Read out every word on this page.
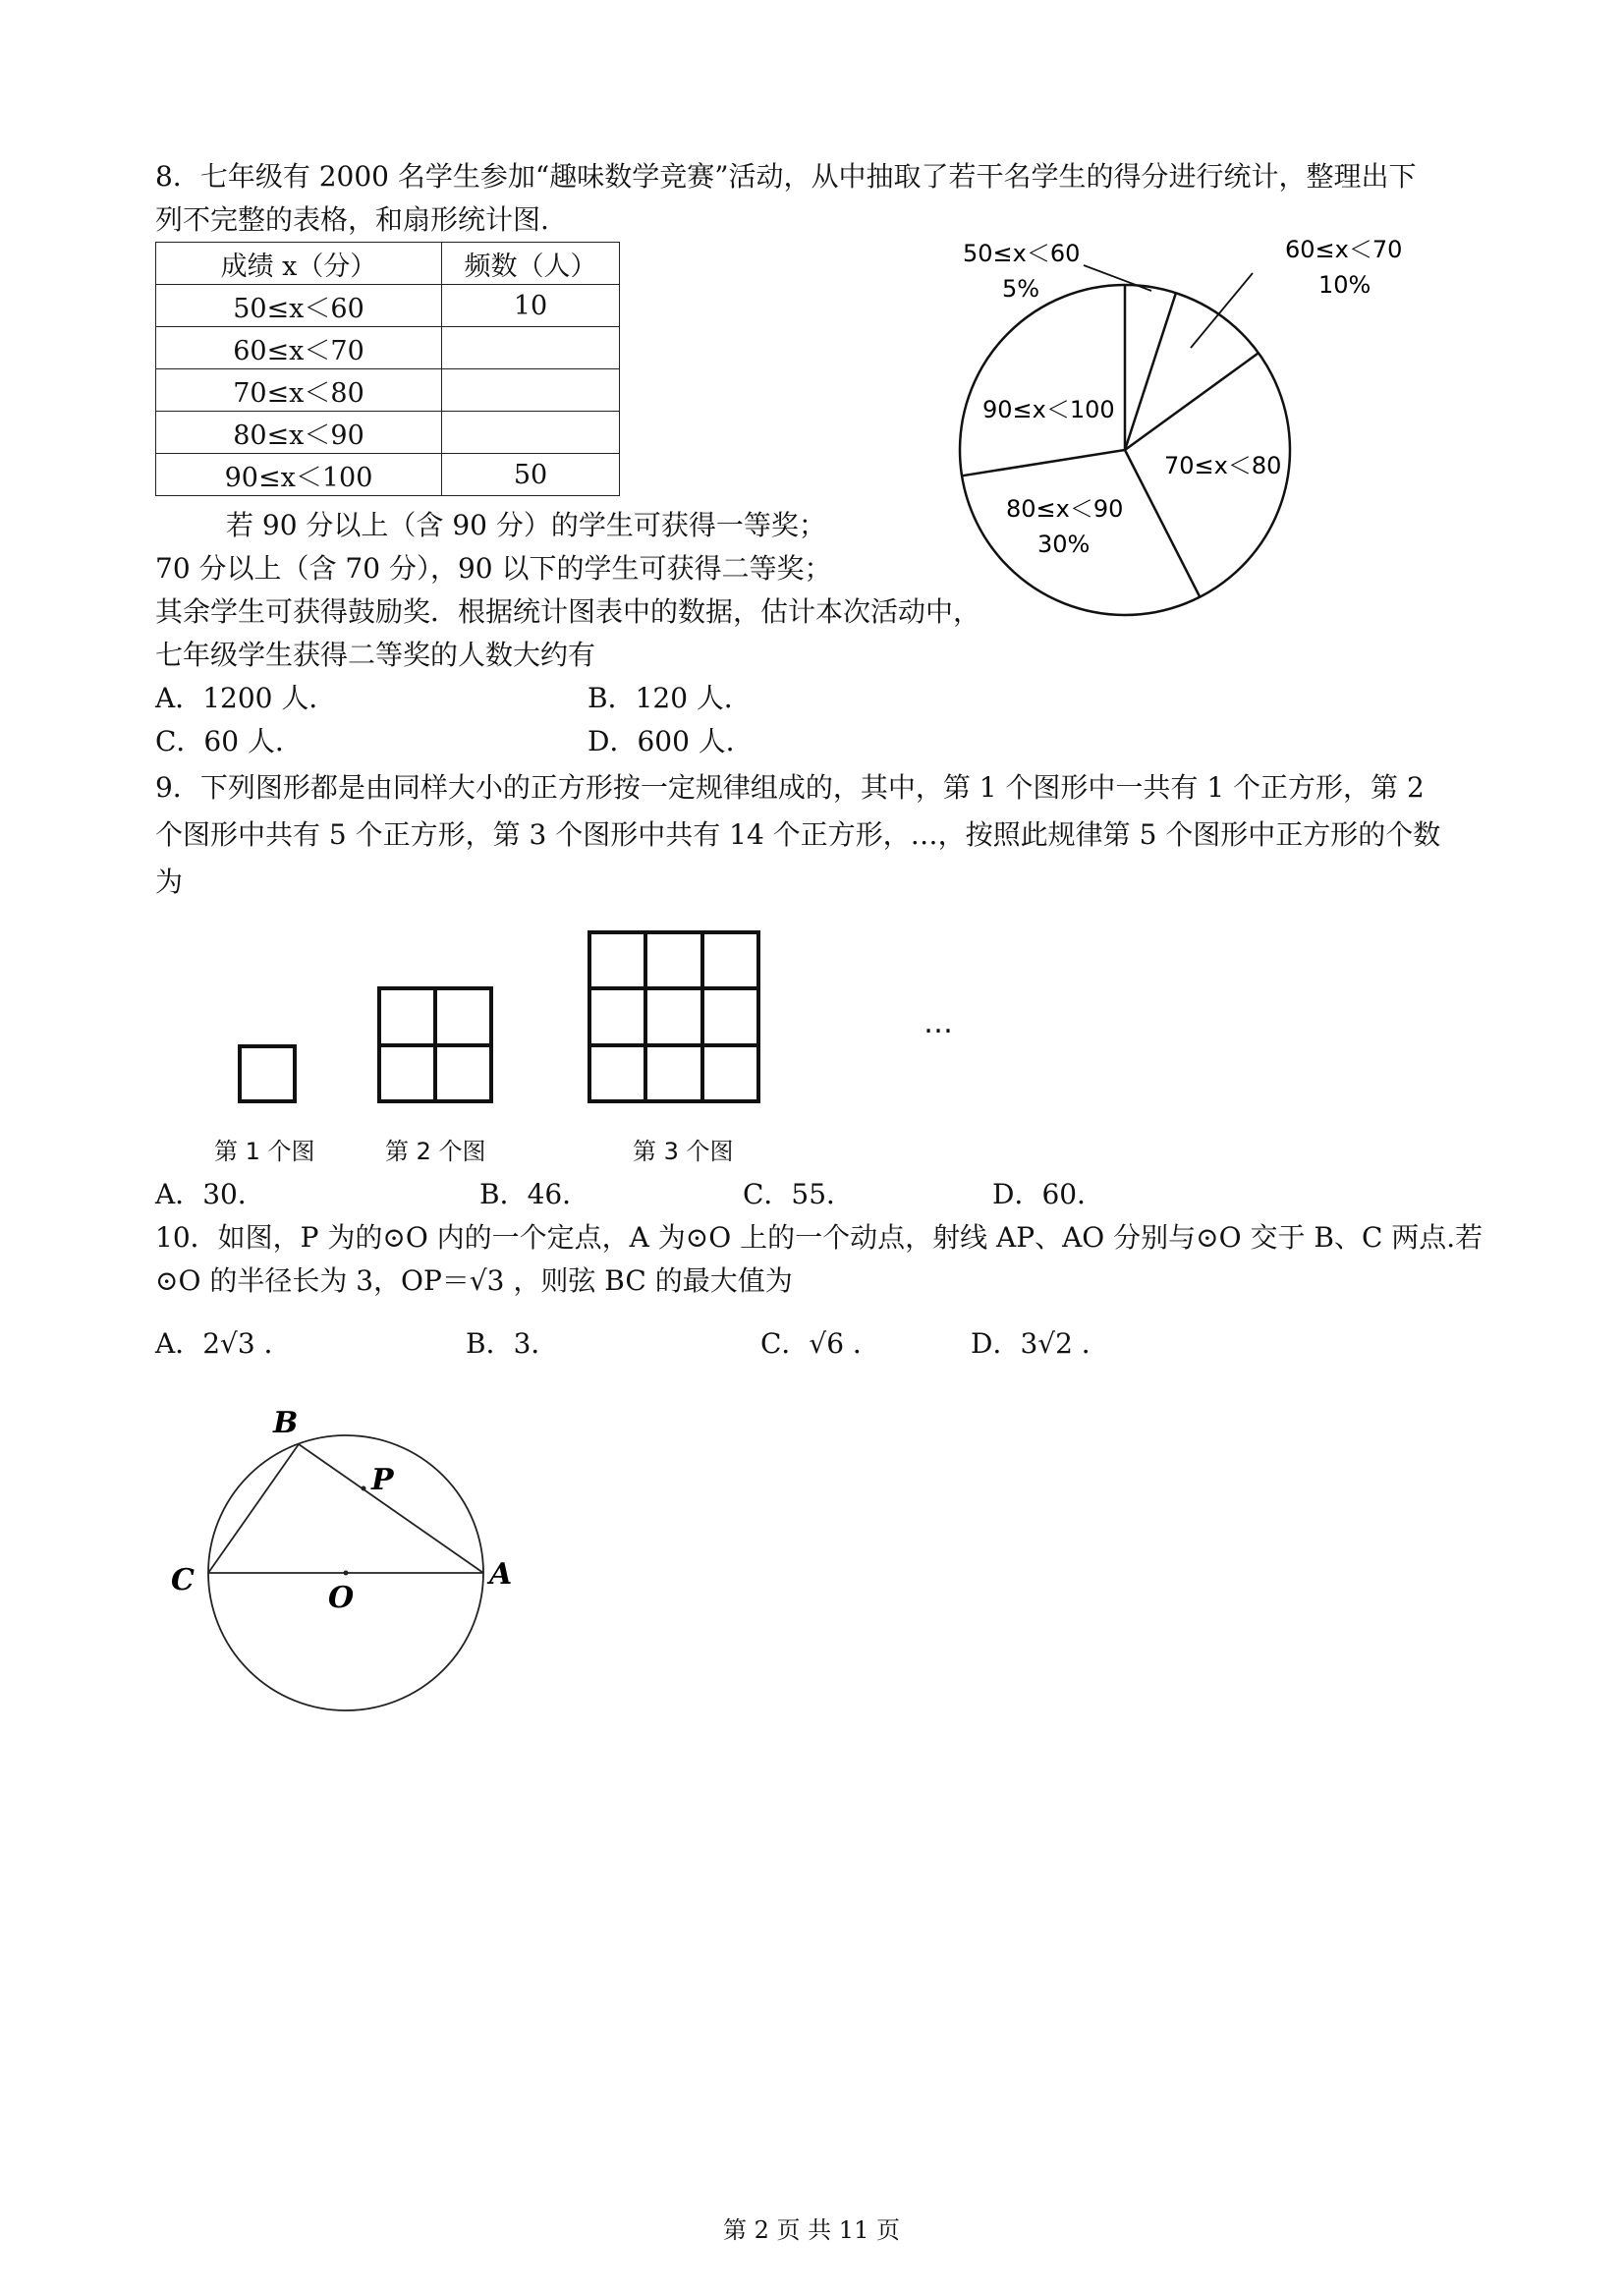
8．七年级有 2000 名学生参加“趣味数学竞赛”活动，从中抽取了若干名学生的得分进行统计，整理出下
列不完整的表格，和扇形统计图.
成绩 x（分）	频数（人）
50≤x＜60	10
60≤x＜70	
70≤x＜80	
80≤x＜90	
90≤x＜100	50
50≤x＜60
5%
60≤x＜70
10%
90≤x＜100
70≤x＜80
80≤x＜90
30%
若 90 分以上（含 90 分）的学生可获得一等奖；
70 分以上（含 70 分），90 以下的学生可获得二等奖；
其余学生可获得鼓励奖．根据统计图表中的数据，估计本次活动中，
七年级学生获得二等奖的人数大约有
A．1200 人．	B．120 人．
C．60 人．	D．600 人．
9．下列图形都是由同样大小的正方形按一定规律组成的，其中，第 1 个图形中一共有 1 个正方形，第 2
个图形中共有 5 个正方形，第 3 个图形中共有 14 个正方形，…，按照此规律第 5 个图形中正方形的个数
为
…
第 1 个图	第 2 个图	第 3 个图
A．30．	B．46．	C．55．	D．60．
10．如图，P 为的⊙O 内的一个定点，A 为⊙O 上的一个动点，射线 AP、AO 分别与⊙O 交于 B、C 两点.若
⊙O 的半径长为 3，OP＝√3 ，则弦 BC 的最大值为
A．2√3 ．	B．3．	C．√6 ．	D．3√2 ．
B
P
C
O
A
第 2 页 共 11 页
